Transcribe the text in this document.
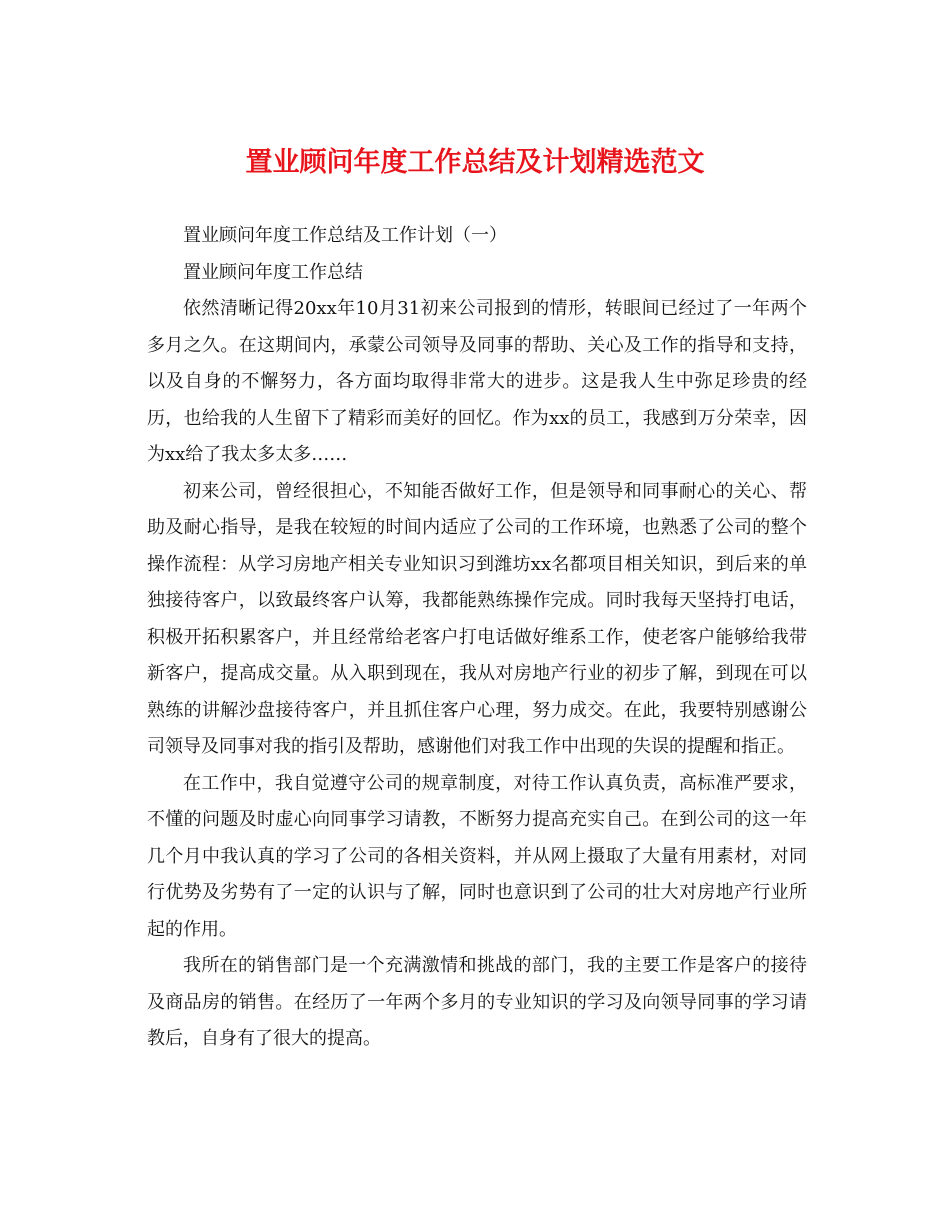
置业顾问年度工作总结及计划精选范文

置业顾问年度工作总结及工作计划（一）

置业顾问年度工作总结

依然清晰记得20xx年10月31初来公司报到的情形，转眼间已经过了一年两个多月之久。在这期间内，承蒙公司领导及同事的帮助、关心及工作的指导和支持，以及自身的不懈努力，各方面均取得非常大的进步。这是我人生中弥足珍贵的经历，也给我的人生留下了精彩而美好的回忆。作为xx的员工，我感到万分荣幸，因为xx给了我太多太多……

初来公司，曾经很担心，不知能否做好工作，但是领导和同事耐心的关心、帮助及耐心指导，是我在较短的时间内适应了公司的工作环境，也熟悉了公司的整个操作流程：从学习房地产相关专业知识习到潍坊xx名都项目相关知识，到后来的单独接待客户，以致最终客户认筹，我都能熟练操作完成。同时我每天坚持打电话，积极开拓积累客户，并且经常给老客户打电话做好维系工作，使老客户能够给我带新客户，提高成交量。从入职到现在，我从对房地产行业的初步了解，到现在可以熟练的讲解沙盘接待客户，并且抓住客户心理，努力成交。在此，我要特别感谢公司领导及同事对我的指引及帮助，感谢他们对我工作中出现的失误的提醒和指正。

在工作中，我自觉遵守公司的规章制度，对待工作认真负责，高标准严要求，不懂的问题及时虚心向同事学习请教，不断努力提高充实自己。在到公司的这一年几个月中我认真的学习了公司的各相关资料，并从网上摄取了大量有用素材，对同行优势及劣势有了一定的认识与了解，同时也意识到了公司的壮大对房地产行业所起的作用。

我所在的销售部门是一个充满激情和挑战的部门，我的主要工作是客户的接待及商品房的销售。在经历了一年两个多月的专业知识的学习及向领导同事的学习请教后，自身有了很大的提高。
